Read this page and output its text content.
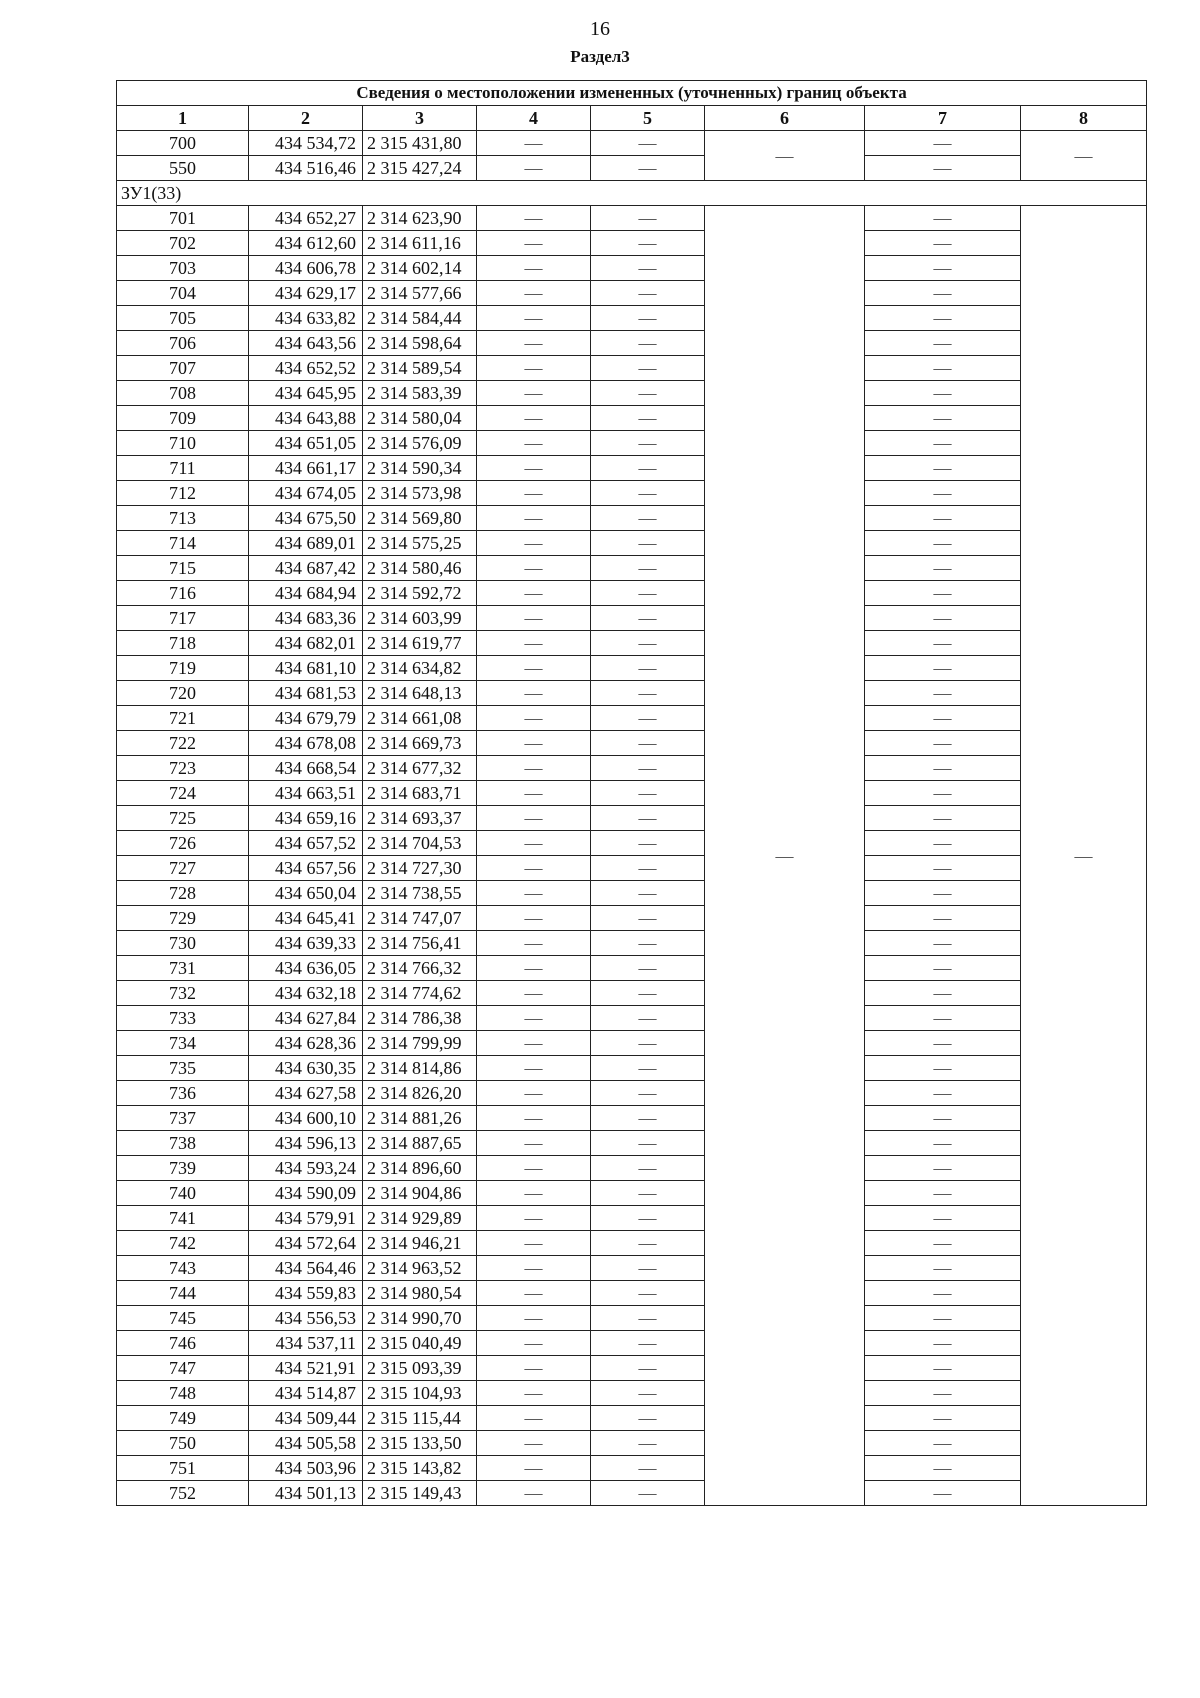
16
Раздел3
Сведения о местоположении измененных (уточненных) границ объекта							
1	2	3	4	5	6	7	8
700	434 534,72	2 315 431,80	—	—	—	—	—
550	434 516,46	2 315 427,24	—	—		—	
ЗУ1(33)							
701	434 652,27	2 314 623,90	—	—	—	—	—
702	434 612,60	2 314 611,16	—	—		—	
703	434 606,78	2 314 602,14	—	—		—	
704	434 629,17	2 314 577,66	—	—		—	
705	434 633,82	2 314 584,44	—	—		—	
706	434 643,56	2 314 598,64	—	—		—	
707	434 652,52	2 314 589,54	—	—		—	
708	434 645,95	2 314 583,39	—	—		—	
709	434 643,88	2 314 580,04	—	—		—	
710	434 651,05	2 314 576,09	—	—		—	
711	434 661,17	2 314 590,34	—	—		—	
712	434 674,05	2 314 573,98	—	—		—	
713	434 675,50	2 314 569,80	—	—		—	
714	434 689,01	2 314 575,25	—	—		—	
715	434 687,42	2 314 580,46	—	—		—	
716	434 684,94	2 314 592,72	—	—		—	
717	434 683,36	2 314 603,99	—	—		—	
718	434 682,01	2 314 619,77	—	—		—	
719	434 681,10	2 314 634,82	—	—		—	
720	434 681,53	2 314 648,13	—	—		—	
721	434 679,79	2 314 661,08	—	—		—	
722	434 678,08	2 314 669,73	—	—		—	
723	434 668,54	2 314 677,32	—	—		—	
724	434 663,51	2 314 683,71	—	—		—	
725	434 659,16	2 314 693,37	—	—		—	
726	434 657,52	2 314 704,53	—	—		—	
727	434 657,56	2 314 727,30	—	—		—	
728	434 650,04	2 314 738,55	—	—		—	
729	434 645,41	2 314 747,07	—	—		—	
730	434 639,33	2 314 756,41	—	—		—	
731	434 636,05	2 314 766,32	—	—		—	
732	434 632,18	2 314 774,62	—	—		—	
733	434 627,84	2 314 786,38	—	—		—	
734	434 628,36	2 314 799,99	—	—		—	
735	434 630,35	2 314 814,86	—	—		—	
736	434 627,58	2 314 826,20	—	—		—	
737	434 600,10	2 314 881,26	—	—		—	
738	434 596,13	2 314 887,65	—	—		—	
739	434 593,24	2 314 896,60	—	—		—	
740	434 590,09	2 314 904,86	—	—		—	
741	434 579,91	2 314 929,89	—	—		—	
742	434 572,64	2 314 946,21	—	—		—	
743	434 564,46	2 314 963,52	—	—		—	
744	434 559,83	2 314 980,54	—	—		—	
745	434 556,53	2 314 990,70	—	—		—	
746	434 537,11	2 315 040,49	—	—		—	
747	434 521,91	2 315 093,39	—	—		—	
748	434 514,87	2 315 104,93	—	—		—	
749	434 509,44	2 315 115,44	—	—		—	
750	434 505,58	2 315 133,50	—	—		—	
751	434 503,96	2 315 143,82	—	—		—	
752	434 501,13	2 315 149,43	—	—		—	
